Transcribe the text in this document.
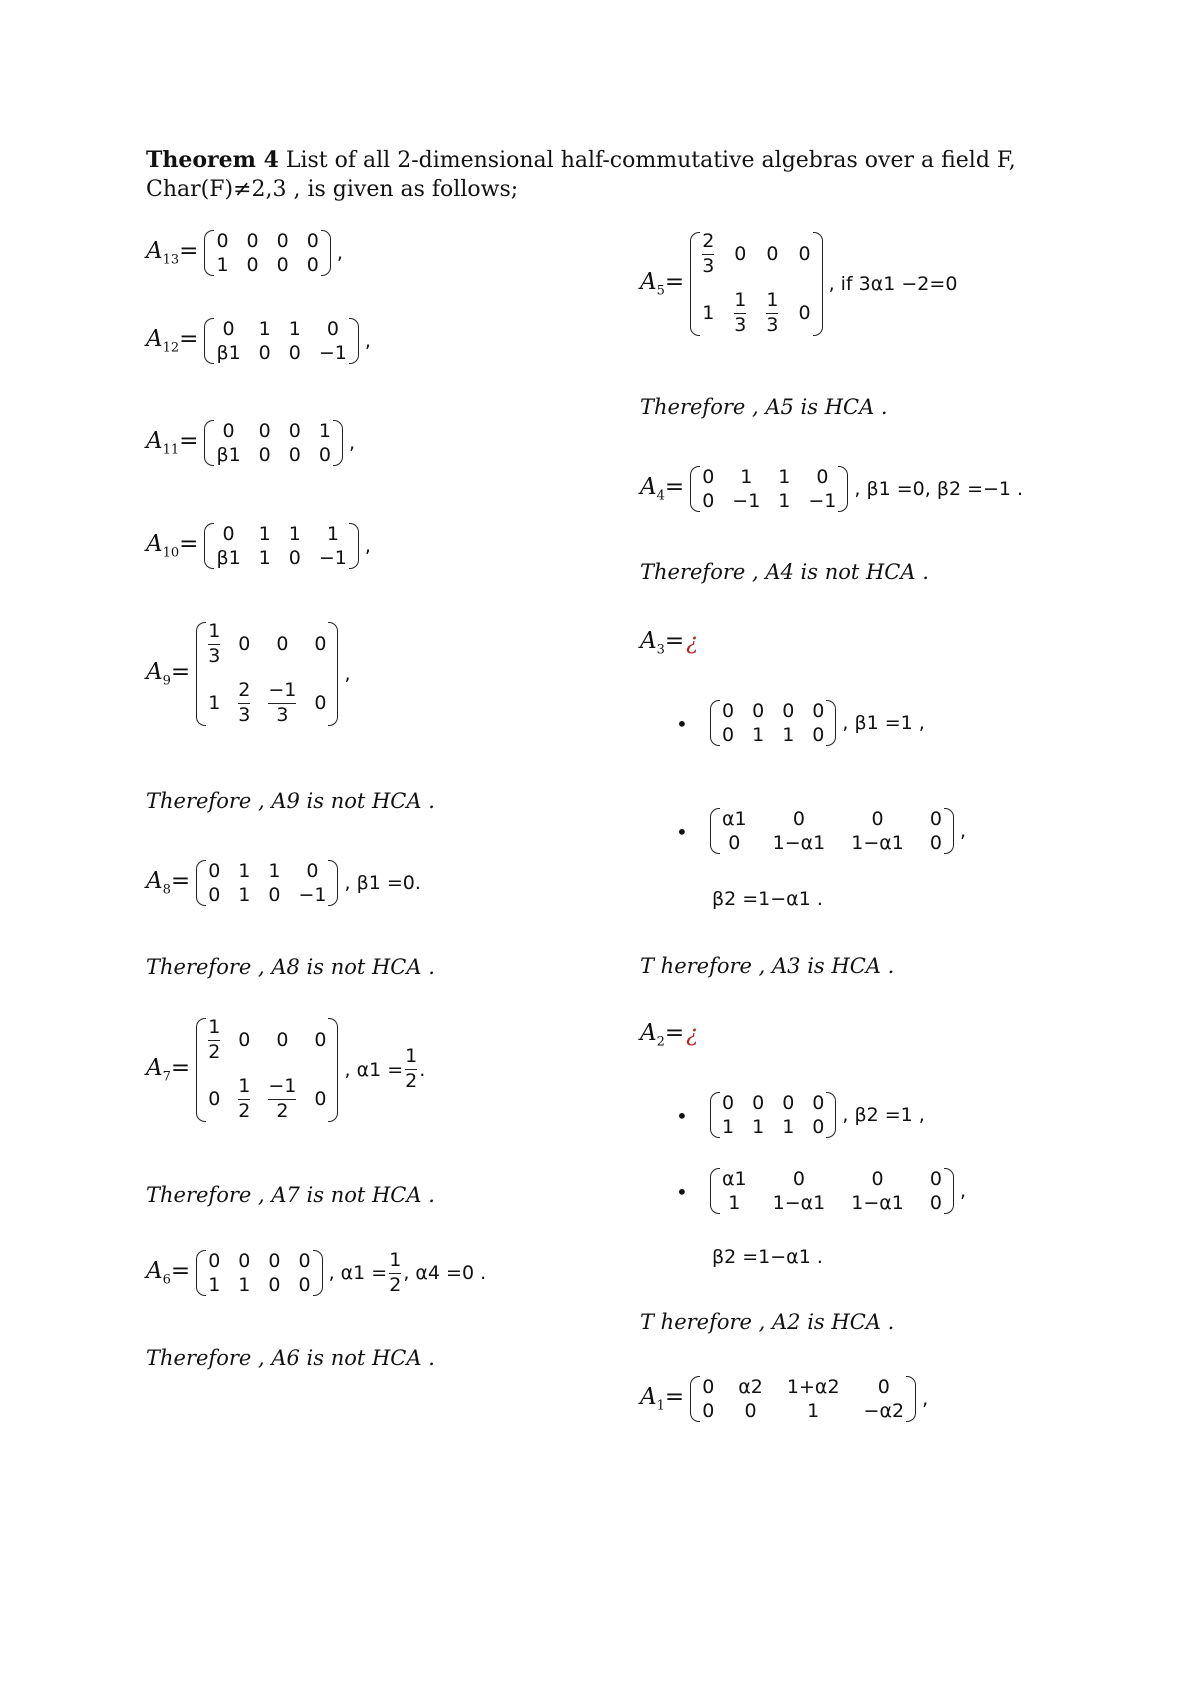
Theorem 4 List of all 2-dimensional half-commutative algebras over a field F, Char(F)≠2,3 , is given as follows;
$A_{13}= 0$ 0 0 0
1 0 0 0
,
$A_{12}= 0$ 1 1 0
β1 0 0 −1
,
$A_{11}= 0$ 0 0 1
β1 0 0 0
,
$A_{10}= 0$ 1 1 1
β1 1 0 −1
,
$A_9=$
$\frac{1}{3} 0$ 0 0
$1 \frac{2}{3} \frac{-1}{3} 0$
,
Therefore , A9 is not HCA .
$A_8= 0$ 1 1 0
0 1 0 −1
, β1 =0.
Therefore , A8 is not HCA .
$A_7=$
$\frac{1}{2} 0$ 0 0
$0 \frac{1}{2} \frac{-1}{2} 0$
, $\alpha 1 = \frac{1}{2}$ .
Therefore , A7 is not HCA .
$A_6= 0$ 0 0 0
1 1 0 0
, $\alpha 1 = \frac{1}{2}$ , α4 =0 .
Therefore , A6 is not HCA .
$A_5=$
$\frac{2}{3} 0$ 0 0
$1 \frac{1}{3} \frac{1}{3} 0$
, if 3α1 −2=0
Therefore , A5 is HCA .
$A_4= 0$ 1 1 0
0 −1 1 −1
, β1 =0, β2 =−1 .
Therefore , A4 is not HCA .
$A_3=$ ¿
•
0 0 0 0
0 1 1 0
, β1 =1 ,
•
α1 0	0 0
0 1−α1 1−α1 0
,
β2 =1−α1 .
T herefore , A3 is HCA .
$A_2=$ ¿
•
0 0 0 0
1 1 1 0
, β2 =1 ,
•
α1 0	0 0
1 1−α1 1−α1 0
,
β2 =1−α1 .
T herefore , A2 is HCA .
$A_1= 0$ α2 1+α2 0
0 0	1 −α2
,
